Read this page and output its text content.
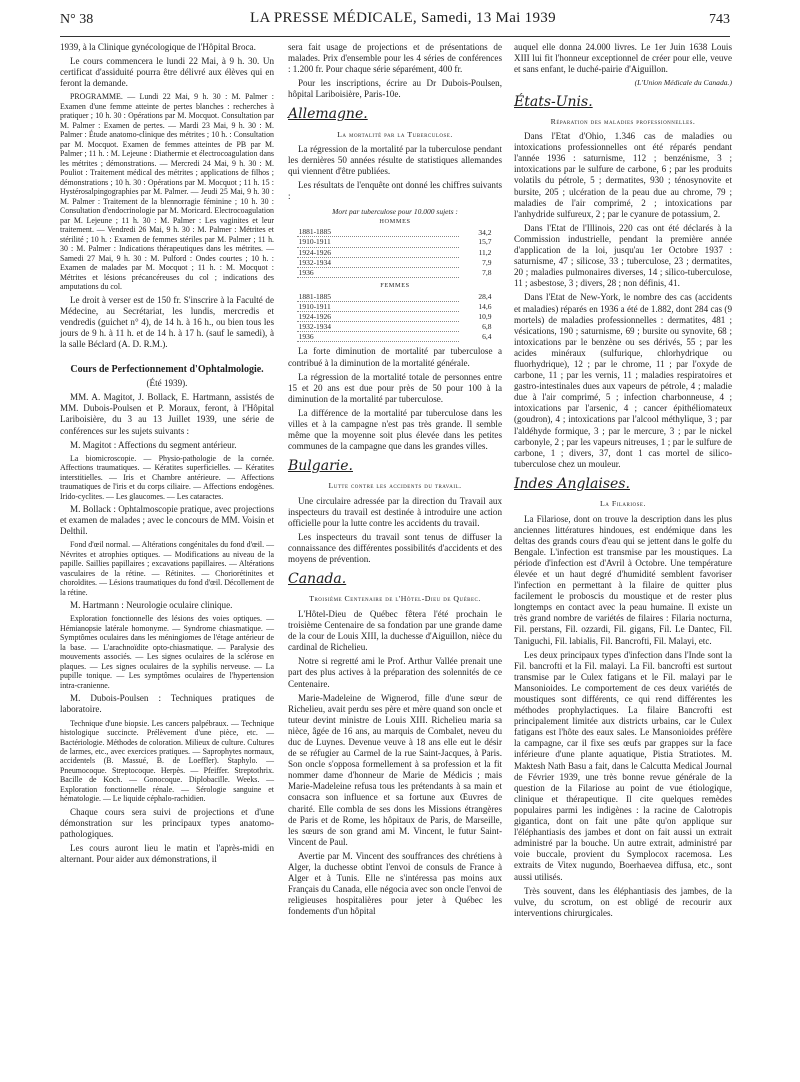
N° 38	LA PRESSE MÉDICALE, Samedi, 13 Mai 1939	743

1939, à la Clinique gynécologique de l'Hôpital Broca.

Le cours commencera le lundi 22 Mai, à 9 h. 30. Un certificat d'assiduité pourra être délivré aux élèves qui en feront la demande.

PROGRAMME. — Lundi 22 Mai, 9 h. 30 : M. Palmer : Examen d'une femme atteinte de pertes blanches : recherches à pratiquer ; 10 h. 30 : Opérations par M. Mocquot. Consultation par M. Palmer : Examen de pertes. — Mardi 23 Mai, 9 h. 30 : M. Palmer : Étude anatomo-clinique des métrites ; 10 h. : Consultation par M. Mocquot. Examen de femmes atteintes de PB par M. Palmer ; 11 h. : M. Lejeune : Diathermie et électrocoagulation dans les métrites ; démonstrations. — Mercredi 24 Mai, 9 h. 30 : M. Pouliot : Traitement médical des métrites ; applications de filhos ; démonstrations ; 10 h. 30 : Opérations par M. Mocquot ; 11 h. 15 : Hystérosalpingographies par M. Palmer. — Jeudi 25 Mai, 9 h. 30 : M. Palmer : Traitement de la blennorragie féminine ; 10 h. 30 : Consultation d'endocrinologie par M. Moricard. Electrocoagulation par M. Lejeune ; 11 h. 30 : M. Palmer : Les vaginites et leur traitement. — Vendredi 26 Mai, 9 h. 30 : M. Palmer : Métrites et stérilité ; 10 h. : Examen de femmes stériles par M. Palmer ; 11 h. 30 : M. Palmer : Indications thérapeutiques dans les métrites. — Samedi 27 Mai, 9 h. 30 : M. Pulford : Ondes courtes ; 10 h. : Examen de malades par M. Mocquot ; 11 h. : M. Mocquot : Métrites et lésions précancéreuses du col ; indications des amputations du col.

Le droit à verser est de 150 fr. S'inscrire à la Faculté de Médecine, au Secrétariat, les lundis, mercredis et vendredis (guichet n° 4), de 14 h. à 16 h., ou bien tous les jours de 9 h. à 11 h. et de 14 h. à 17 h. (sauf le samedi), à la salle Béclard (A. D. R.M.).

Cours de Perfectionnement d'Ophtalmologie.

(Été 1939).

MM. A. Magitot, J. Bollack, E. Hartmann, assistés de MM. Dubois-Poulsen et P. Moraux, feront, à l'Hôpital Lariboisière, du 3 au 13 Juillet 1939, une série de conférences sur les sujets suivants :

M. Magitot : Affections du segment antérieur.

La biomicroscopie. — Physio-pathologie de la cornée. Affections traumatiques. — Kératites superficielles. — Kératites interstitielles. — Iris et Chambre antérieure. — Affections traumatiques de l'iris et du corps ciliaire. — Affections endogènes. Irido-cyclites. — Les glaucomes. — Les cataractes.

M. Bollack : Ophtalmoscopie pratique, avec projections et examen de malades ; avec le concours de MM. Voisin et Delthil.

Fond d'œil normal. — Altérations congénitales du fond d'œil. — Névrites et atrophies optiques. — Modifications au niveau de la papille. Saillies papillaires ; excavations papillaires. — Altérations vasculaires de la rétine. — Rétinites. — Choriorétinites et choroïdites. — Lésions traumatiques du fond d'œil. Décollement de la rétine.

M. Hartmann : Neurologie oculaire clinique.

Exploration fonctionnelle des lésions des voies optiques. — Hémianopsie latérale homonyme. — Syndrome chiasmatique. — Symptômes oculaires dans les méningiomes de l'étage antérieur de la base. — L'arachnoïdite opto-chiasmatique. — Paralysie des mouvements associés. — Les signes oculaires de la sclérose en plaques. — Les signes oculaires de la syphilis nerveuse. — La pupille tonique. — Les symptômes oculaires de l'hypertension intra-cranienne.

M. Dubois-Poulsen : Techniques pratiques de laboratoire.

Technique d'une biopsie. Les cancers palpébraux. — Technique histologique succincte. Prélèvement d'une pièce, etc. — Bactériologie. Méthodes de coloration. Milieux de culture. Cultures de larmes, etc., avec exercices pratiques. — Saprophytes normaux, accidentels (B. Massué, B. de Loeffler). Staphylo. — Pneumocoque. Streptocoque. Herpès. — Pfeiffer. Streptothrix. Bacille de Koch. — Gonocoque. Diplobacille. Weeks. — Exploration fonctionnelle rénale. — Sérologie sanguine et hématologie. — Le liquide céphalo-rachidien.

Chaque cours sera suivi de projections et d'une démonstration sur les principaux types anatomo-pathologiques.

Les cours auront lieu le matin et l'après-midi en alternant. Pour aider aux démonstrations, il

sera fait usage de projections et de présentations de malades. Prix d'ensemble pour les 4 séries de conférences : 1.200 fr. Pour chaque série séparément, 400 fr.

Pour les inscriptions, écrire au Dr Dubois-Poulsen, hôpital Lariboisière, Paris-10e.

Allemagne.
La mortalité par la Tuberculose.

La régression de la mortalité par la tuberculose pendant les dernières 50 années résulte de statistiques allemandes qui viennent d'être publiées.

Les résultats de l'enquête ont donné les chiffres suivants :

Mort par tuberculose pour 10.000 sujets :
HOMMES
1881-1885	34,2
1910-1911	15,7
1924-1926	11,2
1932-1934	7,9
1936	7,8
FEMMES
1881-1885	28,4
1910-1911	14,6
1924-1926	10,9
1932-1934	6,8
1936	6,4

La forte diminution de mortalité par tuberculose a contribué à la diminution de la mortalité générale.

La régression de la mortalité totale de personnes entre 15 et 20 ans est due pour près de 50 pour 100 à la diminution de la mortalité par tuberculose.

La différence de la mortalité par tuberculose dans les villes et à la campagne n'est pas très grande. Il semble même que la moyenne soit plus élevée dans les petites communes de la campagne que dans les grandes villes.

Bulgarie.
Lutte contre les accidents du travail.

Une circulaire adressée par la direction du Travail aux inspecteurs du travail est destinée à introduire une action officielle pour la lutte contre les accidents du travail.

Les inspecteurs du travail sont tenus de diffuser la connaissance des différentes possibilités d'accidents et des moyens de prévention.

Canada.
Troisième Centenaire de l'Hôtel-Dieu de Québec.

L'Hôtel-Dieu de Québec fêtera l'été prochain le troisième Centenaire de sa fondation par une grande dame de la cour de Louis XIII, la duchesse d'Aiguillon, nièce du cardinal de Richelieu.

Notre si regretté ami le Prof. Arthur Vallée prenait une part des plus actives à la préparation des solennités de ce Centenaire.

Marie-Madeleine de Wignerod, fille d'une sœur de Richelieu, avait perdu ses père et mère quand son oncle et tuteur devint ministre de Louis XIII. Richelieu maria sa nièce, âgée de 16 ans, au marquis de Combalet, neveu du duc de Luynes. Devenue veuve à 18 ans elle eut le désir de se réfugier au Carmel de la rue Saint-Jacques, à Paris. Son oncle s'opposa formellement à sa profession et la fit nommer dame d'honneur de Marie de Médicis ; mais Marie-Madeleine refusa tous les prétendants à sa main et consacra son influence et sa fortune aux Œuvres de charité. Elle combla de ses dons les Missions étrangères de Paris et de Rome, les hôpitaux de Paris, de Marseille, les sœurs de son grand ami M. Vincent, le futur Saint-Vincent de Paul.

Avertie par M. Vincent des souffrances des chrétiens à Alger, la duchesse obtint l'envoi de consuls de France à Alger et à Tunis. Elle ne s'intéressa pas moins aux Français du Canada, elle négocia avec son oncle l'envoi de religieuses hospitalières pour jeter à Québec les fondements d'un hôpital

auquel elle donna 24.000 livres. Le 1er Juin 1638 Louis XIII lui fit l'honneur exceptionnel de créer pour elle, veuve et sans enfant, le duché-pairie d'Aiguillon.

(L'Union Médicale du Canada.)
États-Unis.
Réparation des maladies professionnelles.

Dans l'Etat d'Ohio, 1.346 cas de maladies ou intoxications professionnelles ont été réparés pendant l'année 1936 : saturnisme, 112 ; benzénisme, 3 ; intoxications par le sulfure de carbone, 6 ; par les produits volatils du pétrole, 5 ; dermatites, 930 ; ténosynovite et bursite, 205 ; ulcération de la peau due au chrome, 79 ; maladies de l'air comprimé, 2 ; intoxications par l'anhydride sulfureux, 2 ; par le cyanure de potassium, 2.

Dans l'Etat de l'Illinois, 220 cas ont été déclarés à la Commission industrielle, pendant la première année d'application de la loi, jusqu'au 1er Octobre 1937 : saturnisme, 47 ; silicose, 33 ; tuberculose, 23 ; dermatites, 20 ; maladies pulmonaires diverses, 14 ; silico-tuberculose, 11 ; asbestose, 3 ; divers, 28 ; non définis, 41.

Dans l'Etat de New-York, le nombre des cas (accidents et maladies) réparés en 1936 a été de 1.882, dont 284 cas (9 mortels) de maladies professionnelles : dermatites, 481 ; vésications, 190 ; saturnisme, 69 ; bursite ou synovite, 68 ; intoxications par le benzène ou ses dérivés, 55 ; par les acides minéraux (sulfurique, chlorhydrique ou fluorhydrique), 12 ; par le chrome, 11 ; par l'oxyde de carbone, 11 ; par les vernis, 11 ; maladies respiratoires et gastro-intestinales dues aux vapeurs de pétrole, 4 ; maladie due à l'air comprimé, 5 ; infection charbonneuse, 4 ; intoxications par l'arsenic, 4 ; cancer épithéliomateux (goudron), 4 ; intoxications par l'alcool méthylique, 3 ; par l'aldéhyde formique, 3 ; par le mercure, 3 ; par le nickel carbonyle, 2 ; par les vapeurs nitreuses, 1 ; par le sulfure de carbone, 1 ; divers, 37, dont 1 cas mortel de silico-tuberculose chez un mouleur.

Indes Anglaises.
La Filariose.

La Filariose, dont on trouve la description dans les plus anciennes littératures hindoues, est endémique dans les deltas des grands cours d'eau qui se jettent dans le golfe du Bengale. L'infection est transmise par les moustiques. La période d'infection est d'Avril à Octobre. Une température élevée et un haut degré d'humidité semblent favoriser l'infection en permettant à la filaire de quitter plus facilement le proboscis du moustique et de rester plus longtemps en contact avec la peau humaine. Il existe un très grand nombre de variétés de filaires : Filaria nocturna, Fil. perstans, Fil. ozzardi, Fil. gigans, Fil. Le Dantec, Fil. Taniguchi, Fil. labialis, Fil. Bancrofti, Fil. Malayi, etc.

Les deux principaux types d'infection dans l'Inde sont la Fil. bancrofti et la Fil. malayi. La Fil. bancrofti est surtout transmise par le Culex fatigans et le Fil. malayi par le Mansonioides. Le comportement de ces deux variétés de moustiques sont différents, ce qui rend différentes les méthodes prophylactiques. La filaire Bancrofti est principalement limitée aux districts urbains, car le Culex fatigans est l'hôte des eaux sales. Le Mansonioides préfère la campagne, car il fixe ses œufs par grappes sur la face inférieure d'une plante aquatique, Pistia Stratiotes. M. Maktesh Nath Basu a fait, dans le Calcutta Medical Journal de Février 1939, une très bonne revue générale de la question de la Filariose au point de vue étiologique, clinique et thérapeutique. Il cite quelques remèdes populaires parmi les indigènes : la racine de Calotropis gigantica, dont on fait une pâte qu'on applique sur l'éléphantiasis des jambes et dont on fait aussi un extrait administré par la bouche. Un autre extrait, administré par voie buccale, provient du Symplocox racemosa. Les extraits de Vitex nugundo, Boerhaevea diffusa, etc., sont aussi utilisés.

Très souvent, dans les éléphantiasis des jambes, de la vulve, du scrotum, on est obligé de recourir aux interventions chirurgicales.
